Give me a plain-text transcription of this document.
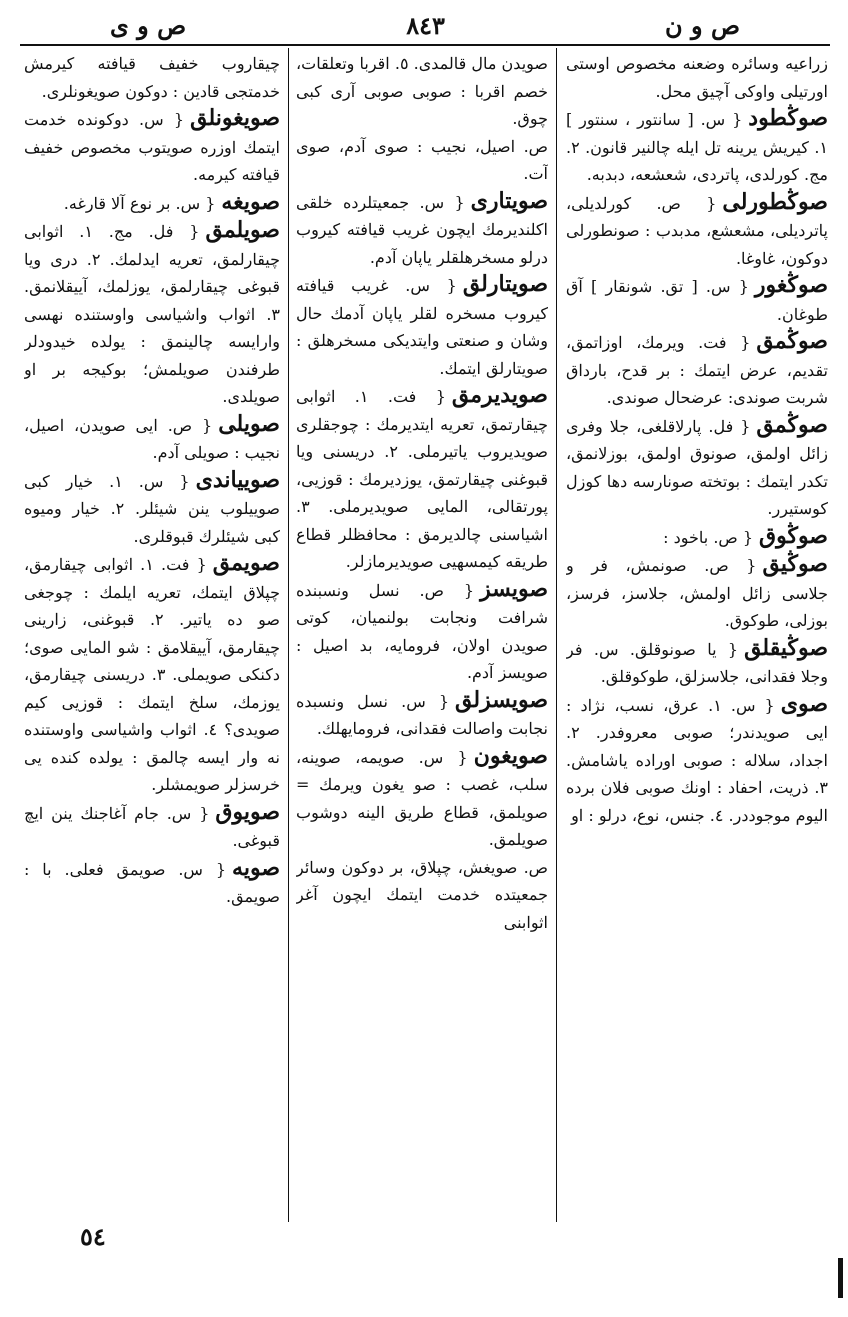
ص و ى	٨٤٣	ص و ن

زراعیه وسائره وضعنه مخصوص اوستی اورتیلی واوکی آچیق محل.

صوڭطود{ س. [ سانتور ، سنتور ] ١. کیریش یرینه تل ایله چالنیر قانون. ٢. مج. کورلدی، پاتردی، شعشعه، دبدبه.

صوڭطورلی{ ص. کورلدیلی، پاتردیلی، مشعشع، مدبدب : صونطورلی دوکون، غاوغا.

صوڭغور{ س. [ تق. شونقار ] آق طوغان.

صوڭمق{ فت. ویرمك، اوزاتمق، تقدیم، عرض ایتمك : بر قدح، بارداق شربت صوندی: عرضحال صوندی.

صوڭمق{ فل. پارلاقلغی، جلا وفری زائل اولمق، صونوق اولمق، بوزلانمق، تکدر ایتمك : بوتخته صونارسه دها کوزل کوستیرر.

صوڭوق{ ص. باخود :

صوڭیق{ ص. صونمش، فر و جلاسی زائل اولمش، جلاسز، فرسز، بوزلی، طوکوق.

صوڭیقلق{ یا صونوقلق. س. فر وجلا فقدانی، جلاسزلق، طوکوقلق.

صوی{ س. ١. عرق، نسب، نژاد : ایی صویدندر؛ صوبی معروفدر. ٢. اجداد، سلاله : صوبی اوراده یاشامش. ٣. ذریت، احفاد : اونك صوبی فلان برده الیوم موجوددر. ٤. جنس، نوع، درلو : او

صویدن مال قالمدی. ٥. اقربا وتعلقات، خصم اقربا : صوبی صوبی آری کبی چوق.

ص. اصیل، نجیب : صوی آدم، صوی آت.

صویتاری{ س. جمعیتلرده خلقی اکلندیرمك ایچون غریب قیافته کیروب درلو مسخرهلقلر یاپان آدم.

صویتارلق{ س. غریب قیافته کیروب مسخره لقلر یاپان آدمك حال وشان و صنعتی وایتدیکی مسخرهلق : صویتارلق ایتمك.

صویدیرمق{ فت. ١. اثوابی چیقارتمق، تعریه ایتدیرمك : چوجقلری صویدیروب یاتیرملی. ٢. دریسنی ویا قبوغنی چیقارتمق، یوزدیرمك : قوزیی، پورتقالی، المایی صویدیرملی. ٣. اشیاسنی چالدیرمق : محافظلر قطاع طریقه کیمسهیی صویدیرمازلر.

صویسز{ ص. نسل ونسبنده شرافت ونجابت بولنمیان، کوتی صویدن اولان، فرومایه، بد اصیل : صویسز آدم.

صویسزلق{ س. نسل ونسبده نجابت واصالت فقدانی، فرومایهلك.

صویغون{ س. صویمه، صوینه، سلب، غصب : صو یغون ویرمك = صویلمق، قطاع طریق الینه دوشوب صویلمق.

ص. صویغش، چپلاق، بر دوکون وسائر جمعیتده خدمت ایتمك ایچون آغر اثوابنی

چیقاروب خفیف قیافته کیرمش خدمتجی قادین : دوکون صویغونلری.

صویغونلق{ س. دوکونده خدمت ایتمك اوزره صویتوب مخصوص خفیف قیافته کیرمه.

صویغه{ س. بر نوع آلا قارغه.

صویلمق{ فل. مج. ١. اثوابی چیقارلمق، تعریه ایدلمك. ٢. دری ویا قبوغی چیقارلمق، یوزلمك، آییقلانمق. ٣. اثواب واشیاسی واوستنده نهسی وارایسه چالینمق : یولده خیدودلر طرفندن صویلمش؛ بوکیجه بر او صویلدی.

صویلی{ ص. ایی صویدن، اصیل، نجیب : صویلی آدم.

صوییاندی{ س. ١. خیار کبی صوییلوب ینن شیئلر. ٢. خیار ومیوه کبی شیئلرك قبوقلری.

صویمق{ فت. ١. اثوابی چیقارمق، چپلاق ایتمك، تعریه ایلمك : چوجغی صو ده یاتیر. ٢. قبوغنی، زارینی چیقارمق، آییقلامق : شو المایی صوی؛ دکنکی صویملی. ٣. دریسنی چیقارمق، یوزمك، سلخ ایتمك : قوزیی کیم صویدی؟ ٤. اثواب واشیاسی واوستنده نه وار ایسه چالمق : یولده کنده یی خرسزلر صویمشلر.

صویوق{ س. جام آغاجنك ینن ایچ قبوغی.

صویه{ س. صویمق فعلی. با : صویمق.

٥٤
